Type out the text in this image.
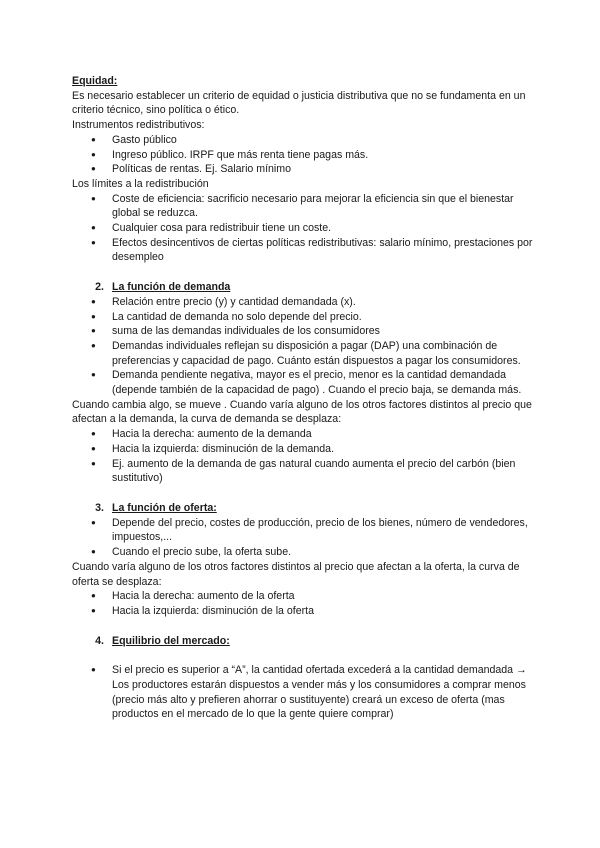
Equidad:

Es necesario establecer un criterio de equidad o justicia distributiva que no se fundamenta en un criterio técnico, sino política o ético.

Instrumentos redistributivos:

● Gasto público
● Ingreso público. IRPF que más renta tiene pagas más.
● Políticas de rentas. Ej. Salario mínimo

Los límites a la redistribución

● Coste de eficiencia: sacrificio necesario para mejorar la eficiencia sin que el bienestar global se reduzca.
● Cualquier cosa para redistribuir tiene un coste.
● Efectos desincentivos de ciertas políticas redistributivas: salario mínimo, prestaciones por desempleo
2. La función de demanda
● Relación entre precio (y) y cantidad demandada (x).
● La cantidad de demanda no solo depende del precio.
● suma de las demandas individuales de los consumidores
● Demandas individuales reflejan su disposición a pagar (DAP) una combinación de preferencias y capacidad de pago. Cuánto están dispuestos a pagar los consumidores.
● Demanda pendiente negativa, mayor es el precio, menor es la cantidad demandada (depende también de la capacidad de pago) . Cuando el precio baja, se demanda más.

Cuando cambia algo, se mueve . Cuando varía alguno de los otros factores distintos al precio que afectan a la demanda, la curva de demanda se desplaza:

● Hacia la derecha: aumento de la demanda
● Hacia la izquierda: disminución de la demanda.
● Ej. aumento de la demanda de gas natural cuando aumenta el precio del carbón (bien sustitutivo)
3. La función de oferta:
● Depende del precio, costes de producción, precio de los bienes, número de vendedores, impuestos,...
● Cuando el precio sube, la oferta sube.

Cuando varía alguno de los otros factores distintos al precio que afectan a la oferta, la curva de oferta se desplaza:

● Hacia la derecha: aumento de la oferta
● Hacia la izquierda: disminución de la oferta
4. Equilibrio del mercado:
● Si el precio es superior a “A”, la cantidad ofertada excederá a la cantidad demandada → Los productores estarán dispuestos a vender más y los consumidores a comprar menos (precio más alto y prefieren ahorrar o sustituyente) creará un exceso de oferta (mas productos en el mercado de lo que la gente quiere comprar)
